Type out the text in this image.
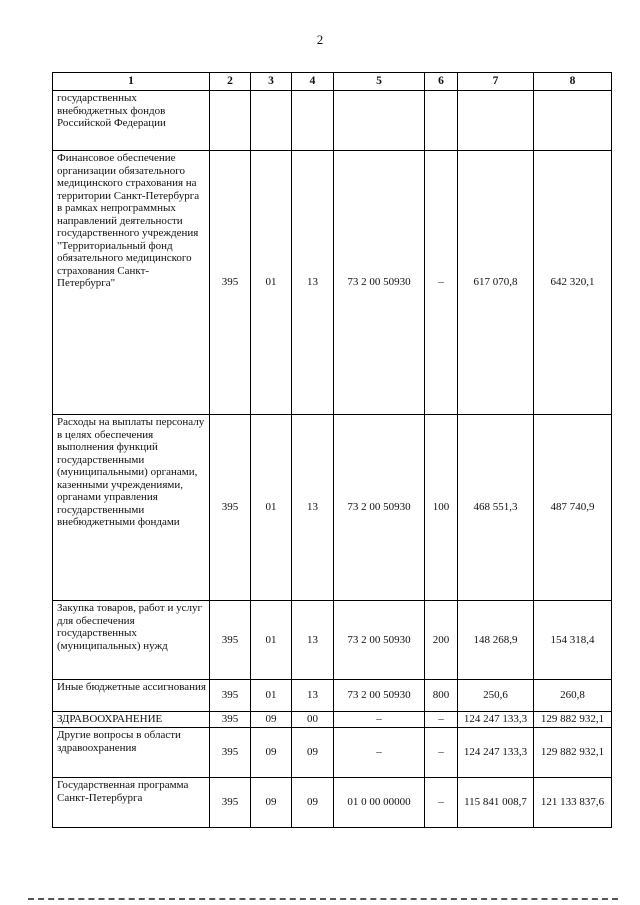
2
1	2	3	4	5	6	7	8
государственных внебюджетных фондов Российской Федерации							
Финансовое обеспечение организации обязательного медицинского страхования на территории Санкт-Петербурга в рамках непрограммных направлений деятельности государственного учреждения "Территориальный фонд обязательного медицинского страхования Санкт-Петербурга"	395	01	13	73 2 00 50930	–	617 070,8	642 320,1
Расходы на выплаты персоналу в целях обеспечения выполнения функций государственными (муниципальными) органами, казенными учреждениями, органами управления государственными внебюджетными фондами	395	01	13	73 2 00 50930	100	468 551,3	487 740,9
Закупка товаров, работ и услуг для обеспечения государственных (муниципальных) нужд	395	01	13	73 2 00 50930	200	148 268,9	154 318,4
Иные бюджетные ассигнования	395	01	13	73 2 00 50930	800	250,6	260,8
ЗДРАВООХРАНЕНИЕ	395	09	00	–	–	124 247 133,3	129 882 932,1
Другие вопросы в области здравоохранения	395	09	09	–	–	124 247 133,3	129 882 932,1
Государственная программа Санкт-Петербурга	395	09	09	01 0 00 00000	–	115 841 008,7	121 133 837,6
